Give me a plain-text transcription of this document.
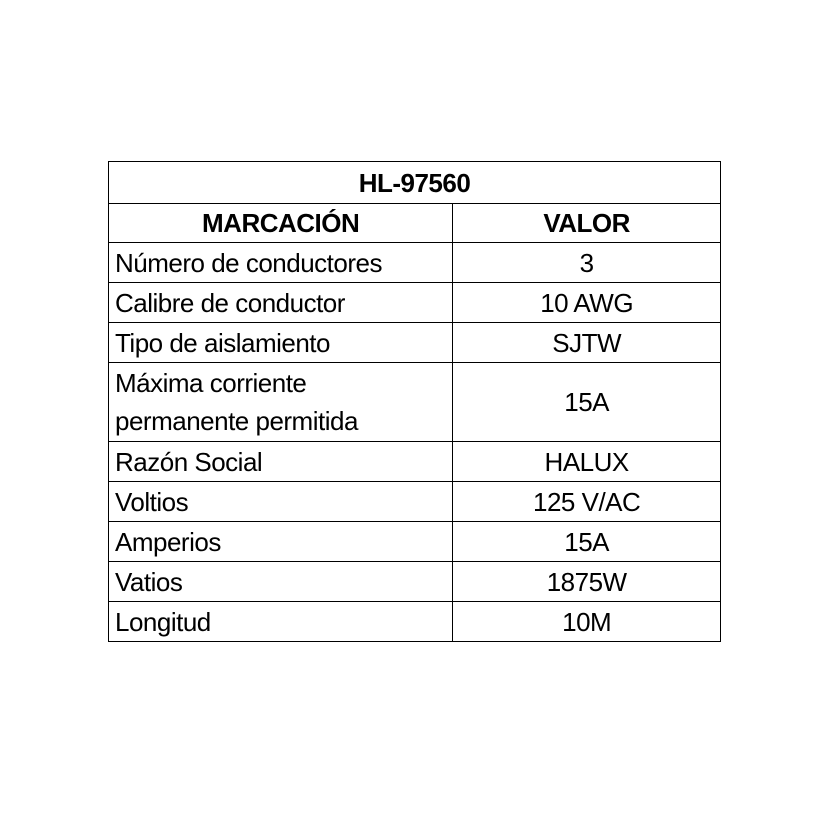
HL-97560	
MARCACIÓN	VALOR
Número de conductores	3
Calibre de conductor	10 AWG
Tipo de aislamiento	SJTW
Máxima corriente permanente permitida	15A
Razón Social	HALUX
Voltios	125 V/AC
Amperios	15A
Vatios	1875W
Longitud	10M
